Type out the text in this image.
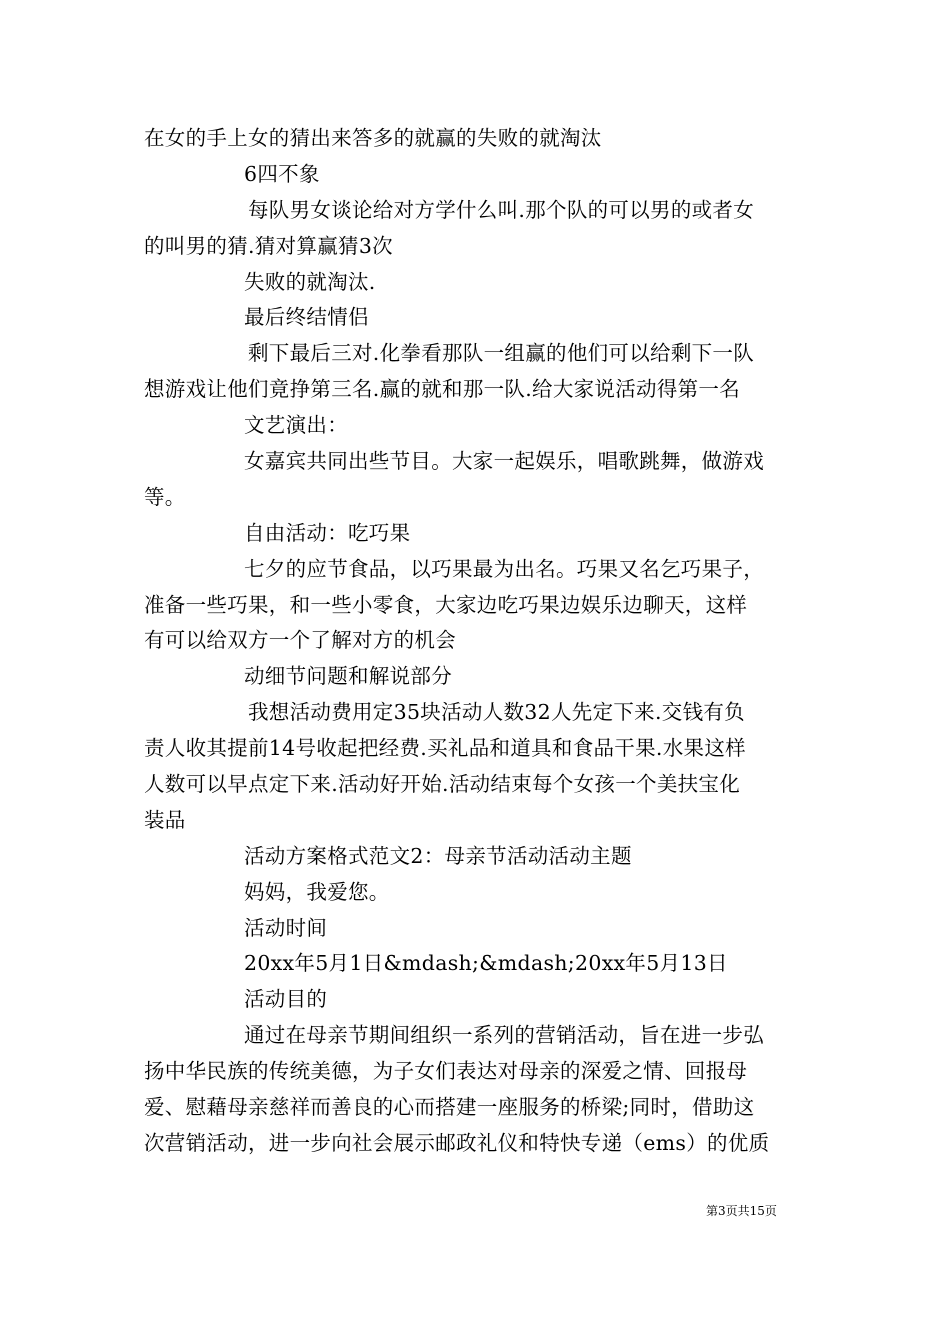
在女的手上女的猜出来答多的就赢的失败的就淘汰
6四不象
每队男女谈论给对方学什么叫.那个队的可以男的或者女
的叫男的猜.猜对算赢猜3次
失败的就淘汰.
最后终结情侣
剩下最后三对.化拳看那队一组赢的他们可以给剩下一队
想游戏让他们竟挣第三名.赢的就和那一队.给大家说活动得第一名
文艺演出：
女嘉宾共同出些节目。大家一起娱乐，唱歌跳舞，做游戏
等。
自由活动：吃巧果
七夕的应节食品，以巧果最为出名。巧果又名乞巧果子，
准备一些巧果，和一些小零食，大家边吃巧果边娱乐边聊天，这样
有可以给双方一个了解对方的机会
动细节问题和解说部分
我想活动费用定35块活动人数32人先定下来.交钱有负
责人收其提前14号收起把经费.买礼品和道具和食品干果.水果这样
人数可以早点定下来.活动好开始.活动结束每个女孩一个美扶宝化
装品
活动方案格式范文2：母亲节活动活动主题
妈妈，我爱您。
活动时间
20xx年5月1日&mdash;&mdash;20xx年5月13日
活动目的
通过在母亲节期间组织一系列的营销活动，旨在进一步弘
扬中华民族的传统美德，为子女们表达对母亲的深爱之情、回报母
爱、慰藉母亲慈祥而善良的心而搭建一座服务的桥梁;同时，借助这
次营销活动，进一步向社会展示邮政礼仪和特快专递（ems）的优质
第3页共15页
